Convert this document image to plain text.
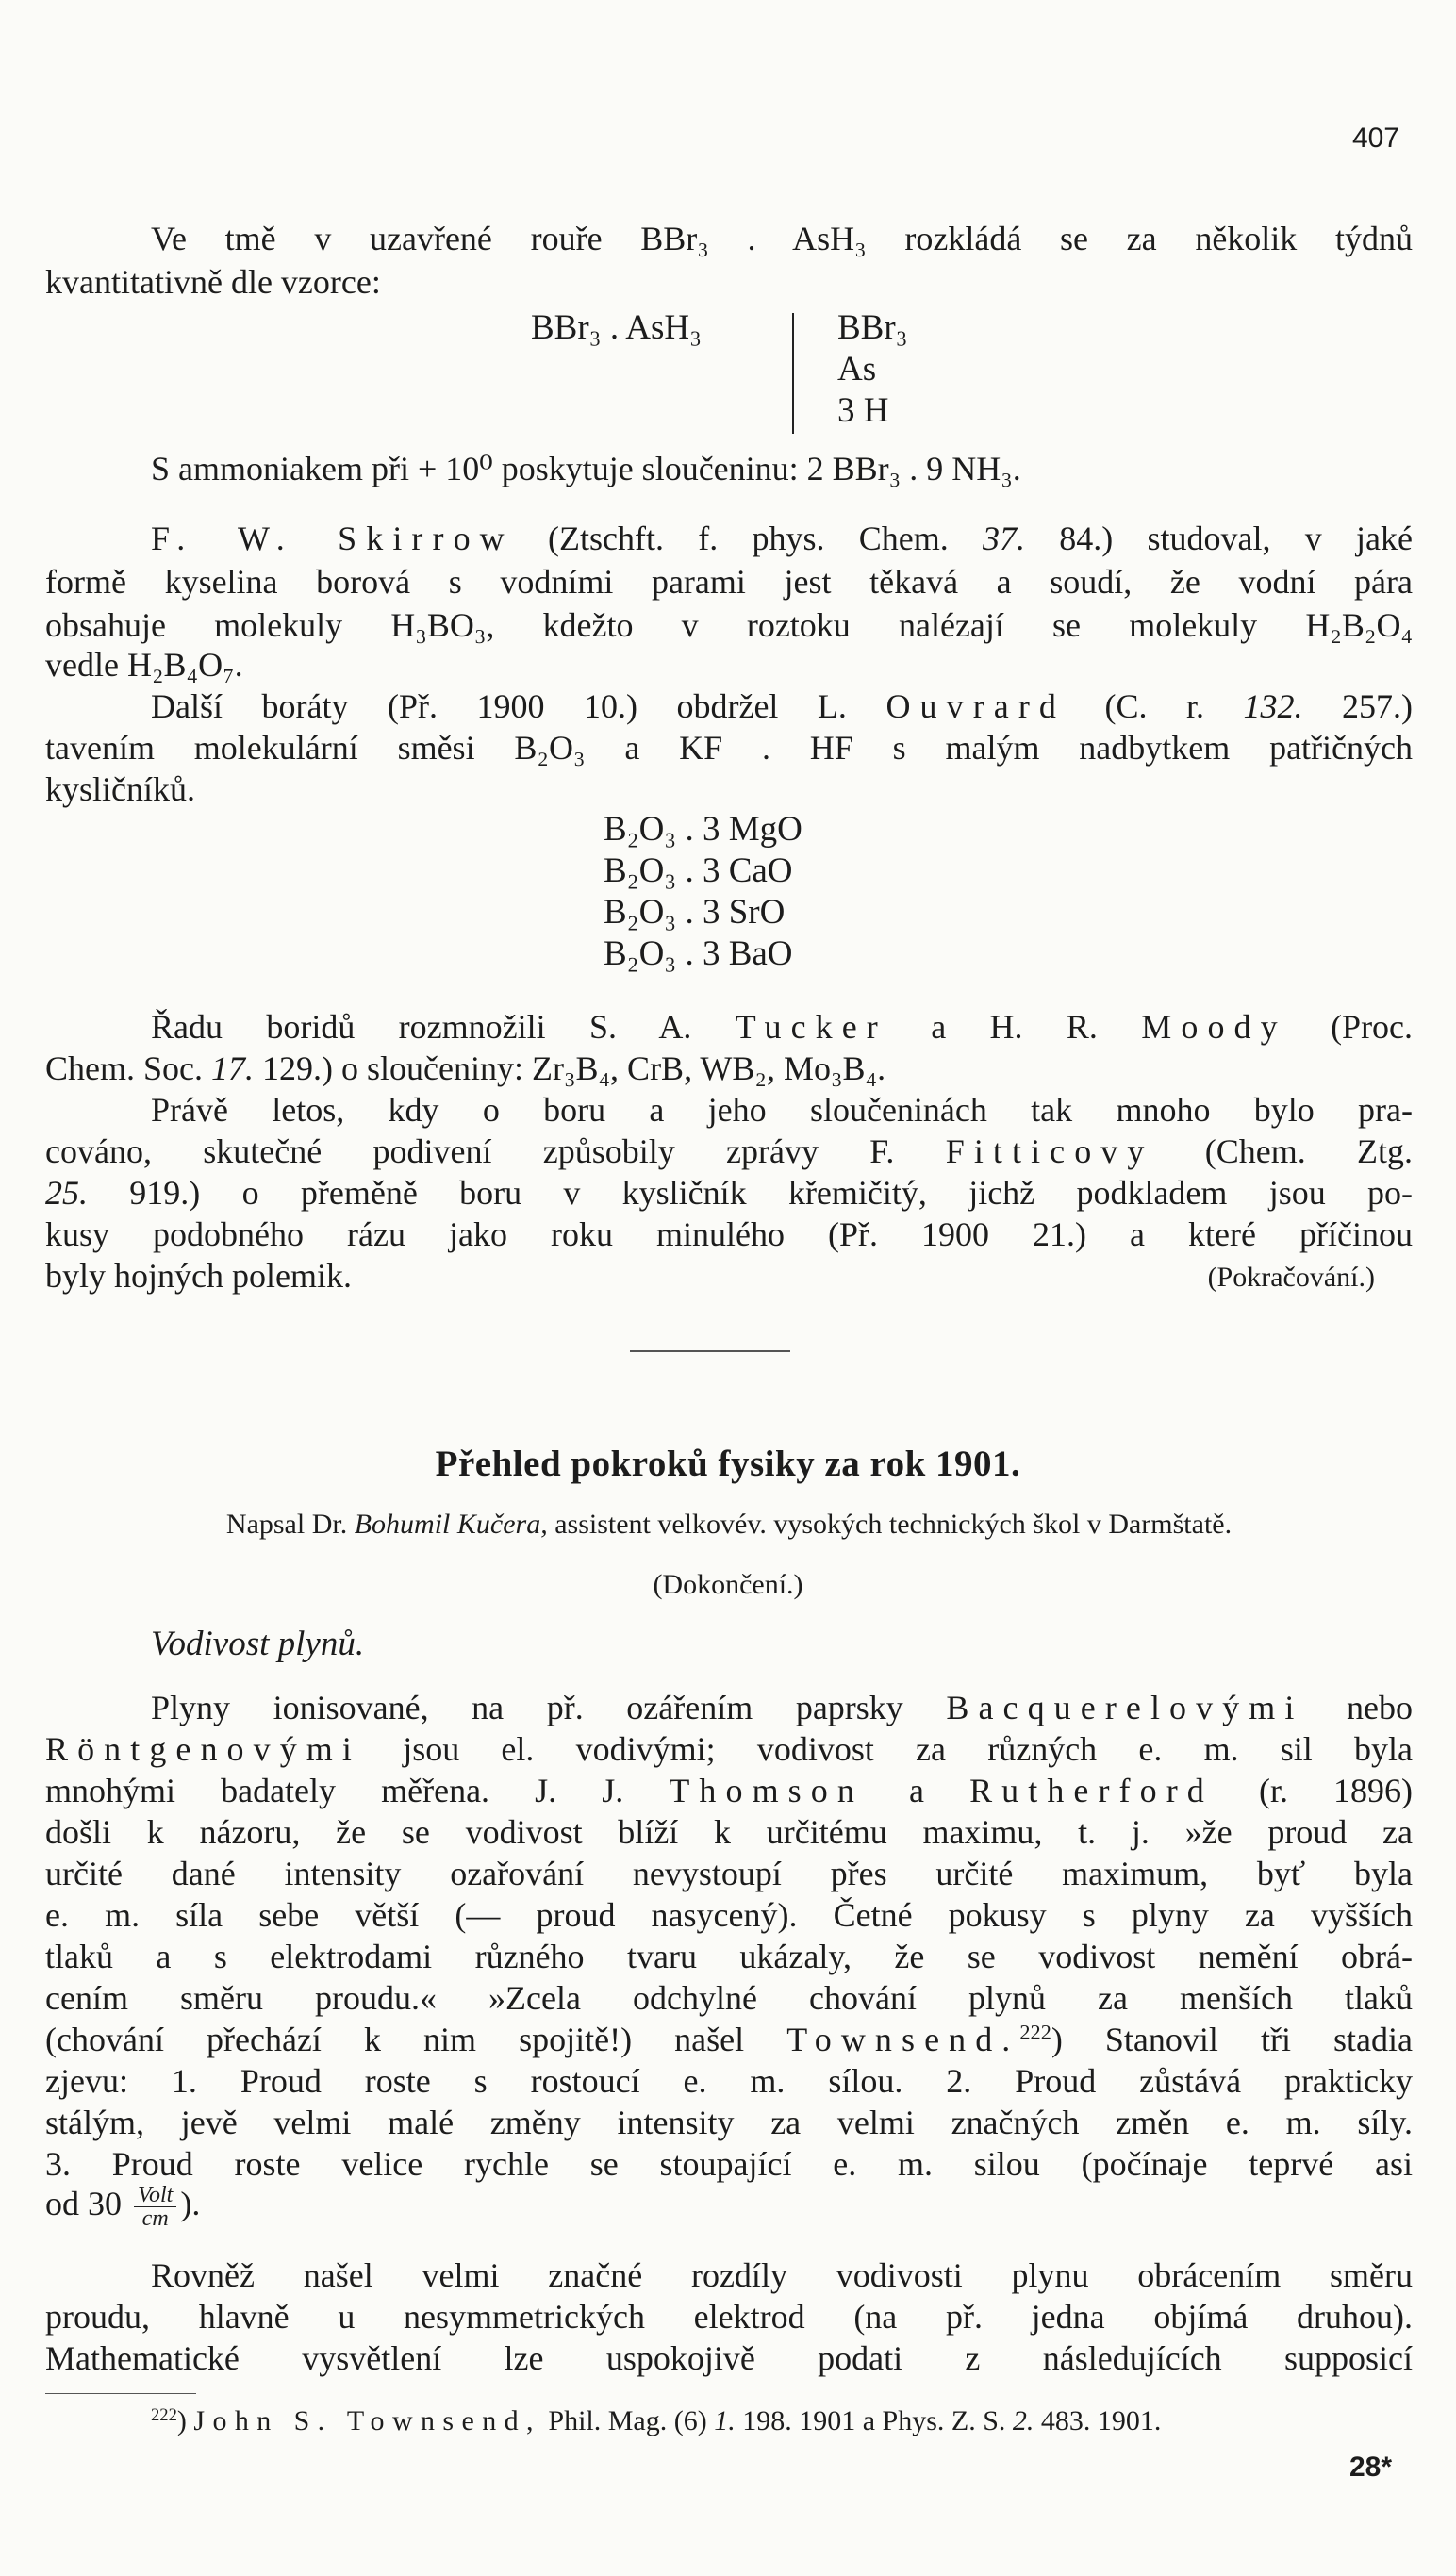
407
Ve tmě v uzavřené rouře BBr₃ . AsH₃ rozkládá se za několik týdnů
kvantitativně dle vzorce:
BBr₃ . AsH₃	BBr₃
As
3 H
S ammoniakem při + 10⁰ poskytuje sloučeninu: 2 BBr₃ . 9 NH₃.
F. W. Skirrow (Ztschft. f. phys. Chem. 37. 84.) studoval, v jaké
formě kyselina borová s vodními parami jest těkavá a soudí, že vodní pára
obsahuje molekuly H₃BO₃, kdežto v roztoku nalézají se molekuly H₂B₂O₄
vedle H₂B₄O₇.
Další boráty (Př. 1900 10.) obdržel L. Ouvrard (C. r. 132. 257.)
tavením molekulární směsi B₂O₃ a KF . HF s malým nadbytkem patřičných
kysličníků.
B₂O₃ . 3 MgO
B₂O₃ . 3 CaO
B₂O₃ . 3 SrO
B₂O₃ . 3 BaO
Řadu boridů rozmnožili S. A. Tucker a H. R. Moody (Proc.
Chem. Soc. 17. 129.) o sloučeniny: Zr₃B₄, CrB, WB₂, Mo₃B₄.
Právě letos, kdy o boru a jeho sloučeninách tak mnoho bylo pra-
cováno, skutečné podivení způsobily zprávy F. Fitticovy (Chem. Ztg.
25. 919.) o přeměně boru v kysličník křemičitý, jichž podkladem jsou po-
kusy podobného rázu jako roku minulého (Př. 1900 21.) a které příčinou
byly hojných polemik.	(Pokračování.)
Přehled pokroků fysiky za rok 1901.
Napsal Dr. Bohumil Kučera, assistent velkovév. vysokých technických škol v Darmštatě.
(Dokončení.)
Vodivost plynů.
Plyny ionisované, na př. ozářením paprsky Bacquerelovými nebo
Röntgenovými jsou el. vodivými; vodivost za různých e. m. sil byla
mnohými badately měřena. J. J. Thomson a Rutherford (r. 1896)
došli k názoru, že se vodivost blíží k určitému maximu, t. j. »že proud za
určité dané intensity ozařování nevystoupí přes určité maximum, byť byla
e. m. síla sebe větší (— proud nasycený). Četné pokusy s plyny za vyšších
tlaků a s elektrodami různého tvaru ukázaly, že se vodivost nemění obrá-
cením směru proudu.« »Zcela odchylné chování plynů za menších tlaků
(chování přechází k nim spojitě!) našel Townsend.$^{222}$) Stanovil tři stadia
zjevu: 1. Proud roste s rostoucí e. m. sílou. 2. Proud zůstává prakticky
stálým, jevě velmi malé změny intensity za velmi značných změn e. m. síly.
3. Proud roste velice rychle se stoupající e. m. silou (počínaje teprvé asi
od $30 \frac{\text{Volt}}{cm}$ ).
Rovněž našel velmi značné rozdíly vodivosti plynu obrácením směru
proudu, hlavně u nesymmetrických elektrod (na př. jedna objímá druhou).
Mathematické vysvětlení lze uspokojivě podati z následujících supposicí
$^{222}$) John S. Townsend, Phil. Mag. (6) 1. 198. 1901 a Phys. Z. S. 2. 483. 1901.
28*
